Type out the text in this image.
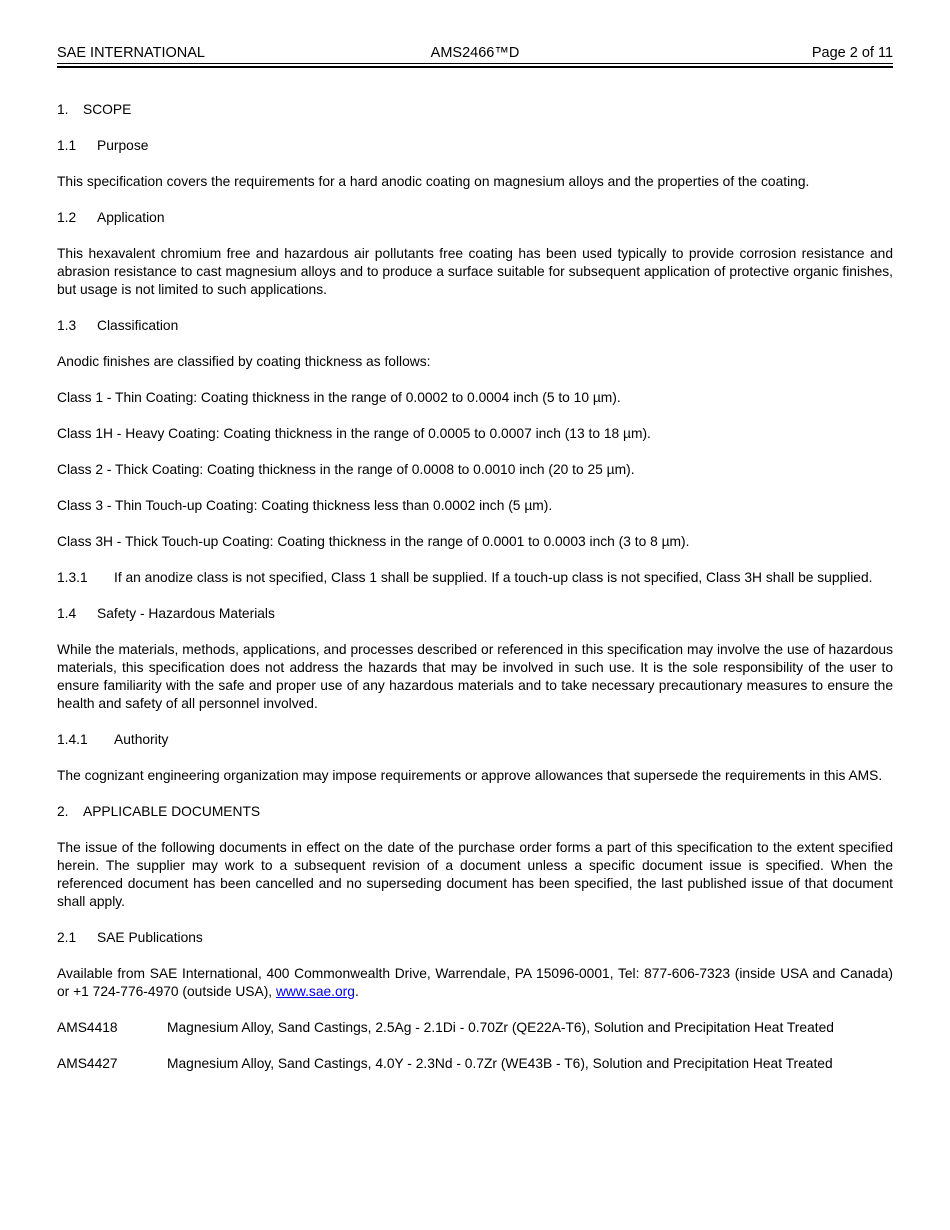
SAE INTERNATIONAL	AMS2466™D	Page 2 of 11
1.	SCOPE
1.1	Purpose

This specification covers the requirements for a hard anodic coating on magnesium alloys and the properties of the coating.

1.2	Application

This hexavalent chromium free and hazardous air pollutants free coating has been used typically to provide corrosion resistance and abrasion resistance to cast magnesium alloys and to produce a surface suitable for subsequent application of protective organic finishes, but usage is not limited to such applications.

1.3	Classification

Anodic finishes are classified by coating thickness as follows:

Class 1 - Thin Coating: Coating thickness in the range of 0.0002 to 0.0004 inch (5 to 10 µm).

Class 1H - Heavy Coating: Coating thickness in the range of 0.0005 to 0.0007 inch (13 to 18 µm).

Class 2 - Thick Coating: Coating thickness in the range of 0.0008 to 0.0010 inch (20 to 25 µm).

Class 3 - Thin Touch-up Coating: Coating thickness less than 0.0002 inch (5 µm).

Class 3H - Thick Touch-up Coating: Coating thickness in the range of 0.0001 to 0.0003 inch (3 to 8 µm).

1.3.1	If an anodize class is not specified, Class 1 shall be supplied. If a touch-up class is not specified, Class 3H shall be supplied.
1.4	Safety - Hazardous Materials

While the materials, methods, applications, and processes described or referenced in this specification may involve the use of hazardous materials, this specification does not address the hazards that may be involved in such use. It is the sole responsibility of the user to ensure familiarity with the safe and proper use of any hazardous materials and to take necessary precautionary measures to ensure the health and safety of all personnel involved.

1.4.1	Authority

The cognizant engineering organization may impose requirements or approve allowances that supersede the requirements in this AMS.

2.	APPLICABLE DOCUMENTS

The issue of the following documents in effect on the date of the purchase order forms a part of this specification to the extent specified herein. The supplier may work to a subsequent revision of a document unless a specific document issue is specified. When the referenced document has been cancelled and no superseding document has been specified, the last published issue of that document shall apply.

2.1	SAE Publications

Available from SAE International, 400 Commonwealth Drive, Warrendale, PA 15096-0001, Tel: 877-606-7323 (inside USA and Canada) or +1 724-776-4970 (outside USA), www.sae.org.

AMS4418	Magnesium Alloy, Sand Castings, 2.5Ag - 2.1Di - 0.70Zr (QE22A-T6), Solution and Precipitation Heat Treated
AMS4427	Magnesium Alloy, Sand Castings, 4.0Y - 2.3Nd - 0.7Zr (WE43B - T6), Solution and Precipitation Heat Treated
